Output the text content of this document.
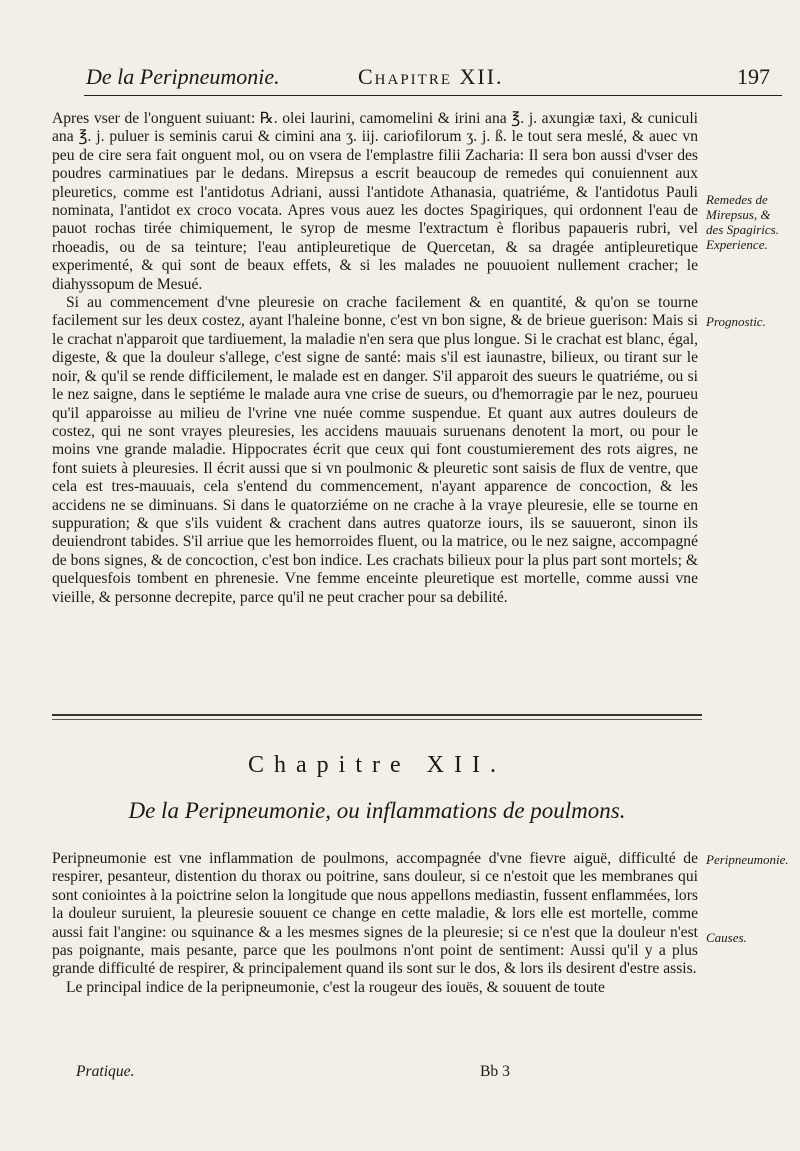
De la Peripneumonie.	Chapitre XII.	197

Apres vser de l'onguent suiuant: ℞. olei laurini, camomelini & irini ana ℥. j. axungiæ taxi, & cuniculi ana ℥. j. puluer is seminis carui & cimini ana ʒ. iij. cariofilorum ʒ. j. ß. le tout sera meslé, & auec vn peu de cire sera fait onguent mol, ou on vsera de l'emplastre filii Zacharia: Il sera bon aussi d'vser des poudres carminatiues par le dedans. Mirepsus a escrit beaucoup de remedes qui conuiennent aux pleuretics, comme est l'antidotus Adriani, aussi l'antidote Athanasia, quatriéme, & l'antidotus Pauli nominata, l'antidot ex croco vocata. Apres vous auez les doctes Spagiriques, qui ordonnent l'eau de pauot rochas tirée chimiquement, le syrop de mesme l'extractum è floribus papaueris rubri, vel rhoeadis, ou de sa teinture; l'eau antipleuretique de Quercetan, & sa dragée antipleuretique experimenté, & qui sont de beaux effets, & si les malades ne pouuoient nullement cracher; le diahyssopum de Mesué.

Si au commencement d'vne pleuresie on crache facilement & en quantité, & qu'on se tourne facilement sur les deux costez, ayant l'haleine bonne, c'est vn bon signe, & de brieue guerison: Mais si le crachat n'apparoit que tardiuement, la maladie n'en sera que plus longue. Si le crachat est blanc, égal, digeste, & que la douleur s'allege, c'est signe de santé: mais s'il est iaunastre, bilieux, ou tirant sur le noir, & qu'il se rende difficilement, le malade est en danger. S'il apparoit des sueurs le quatriéme, ou si le nez saigne, dans le septiéme le malade aura vne crise de sueurs, ou d'hemorragie par le nez, pourueu qu'il apparoisse au milieu de l'vrine vne nuée comme suspendue. Et quant aux autres douleurs de costez, qui ne sont vrayes pleuresies, les accidens mauuais suruenans denotent la mort, ou pour le moins vne grande maladie. Hippocrates écrit que ceux qui font coustumierement des rots aigres, ne font suiets à pleuresies. Il écrit aussi que si vn poulmonic & pleuretic sont saisis de flux de ventre, que cela est tres-mauuais, cela s'entend du commencement, n'ayant apparence de concoction, & les accidens ne se diminuans. Si dans le quatorziéme on ne crache à la vraye pleuresie, elle se tourne en suppuration; & que s'ils vuident & crachent dans autres quatorze iours, ils se sauueront, sinon ils deuiendront tabides. S'il arriue que les hemorroides fluent, ou la matrice, ou le nez saigne, accompagné de bons signes, & de concoction, c'est bon indice. Les crachats bilieux pour la plus part sont mortels; & quelquesfois tombent en phrenesie. Vne femme enceinte pleuretique est mortelle, comme aussi vne vieille, & personne decrepite, parce qu'il ne peut cracher pour sa debilité.

Remedes de Mirepsus, & des Spagirics. Experience.
Prognostic.
Chapitre XII.
De la Peripneumonie, ou inflammations de poulmons.

Peripneumonie est vne inflammation de poulmons, accompagnée d'vne fievre aiguë, difficulté de respirer, pesanteur, distention du thorax ou poitrine, sans douleur, si ce n'estoit que les membranes qui sont coniointes à la poictrine selon la longitude que nous appellons mediastin, fussent enflammées, lors la douleur suruient, la pleuresie souuent ce change en cette maladie, & lors elle est mortelle, comme aussi fait l'angine: ou squinance & a les mesmes signes de la pleuresie; si ce n'est que la douleur n'est pas poignante, mais pesante, parce que les poulmons n'ont point de sentiment: Aussi qu'il y a plus grande difficulté de respirer, & principalement quand ils sont sur le dos, & lors ils desirent d'estre assis.

Le principal indice de la peripneumonie, c'est la rougeur des iouës, & souuent de toute

Peripneumonie.
Causes.
Pratique.	Bb 3
